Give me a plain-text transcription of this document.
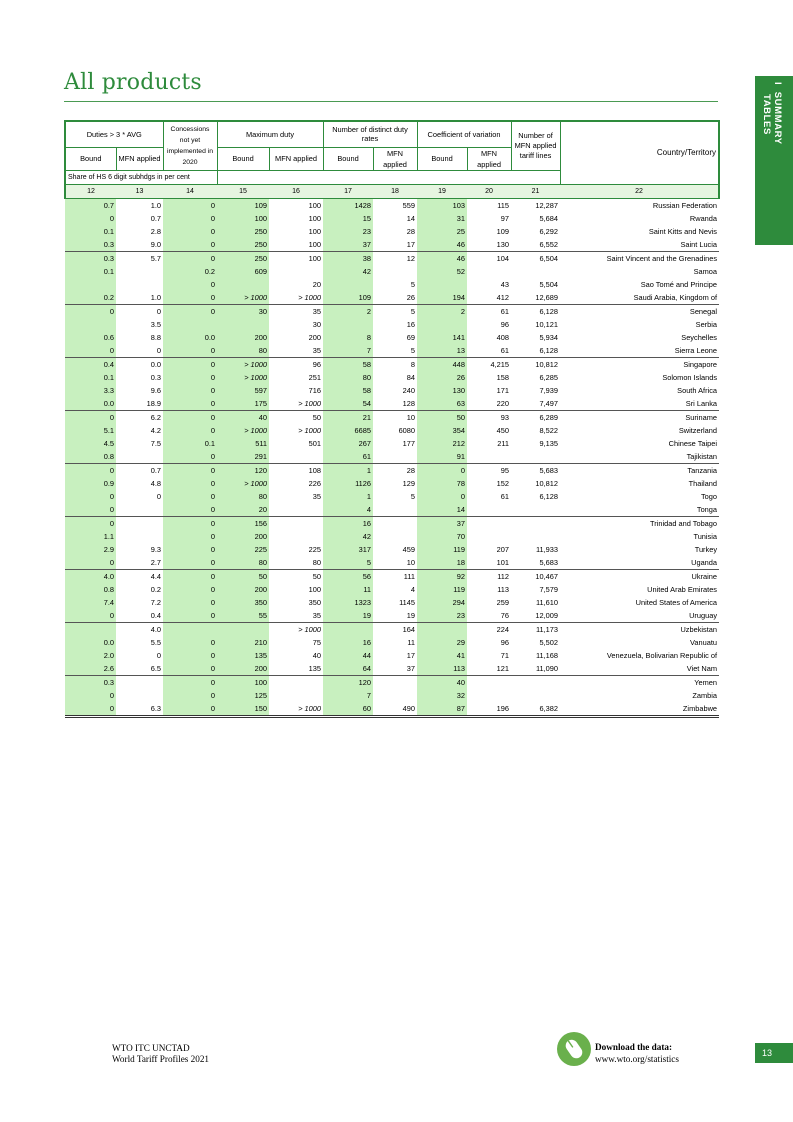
All products	I  SUMMARY
TABLES
Duties > 3 * AVG		Concessions not yet implemented in 2020	Maximum duty		Number of distinct duty rates		Coefficient of variation		Number of MFN applied tariff lines	Country/Territory
Bound	MFN applied		Bound	MFN applied	Bound	MFN applied	Bound	MFN applied		
Share of HS 6 digit subhdgs in per cent										
12	13	14	15	16	17	18	19	20	21	22
0.7	1.0	0	109	100	1428	559	103	115	12,287	Russian Federation
0	0.7	0	100	100	15	14	31	97	5,684	Rwanda
0.1	2.8	0	250	100	23	28	25	109	6,292	Saint Kitts and Nevis
0.3	9.0	0	250	100	37	17	46	130	6,552	Saint Lucia
0.3	5.7	0	250	100	38	12	46	104	6,504	Saint Vincent and the Grenadines
0.1		0.2	609		42		52			Samoa
		0		20		5		43	5,504	Sao Tomé and Principe
0.2	1.0	0	> 1000	> 1000	109	26	194	412	12,689	Saudi Arabia, Kingdom of
0	0	0	30	35	2	5	2	61	6,128	Senegal
	3.5			30		16		96	10,121	Serbia
0.6	8.8	0.0	200	200	8	69	141	408	5,934	Seychelles
0	0	0	80	35	7	5	13	61	6,128	Sierra Leone
0.4	0.0	0	> 1000	96	58	8	448	4,215	10,812	Singapore
0.1	0.3	0	> 1000	251	80	84	26	158	6,285	Solomon Islands
3.3	9.6	0	597	716	58	240	130	171	7,939	South Africa
0.0	18.9	0	175	> 1000	54	128	63	220	7,497	Sri Lanka
0	6.2	0	40	50	21	10	50	93	6,289	Suriname
5.1	4.2	0	> 1000	> 1000	6685	6080	354	450	8,522	Switzerland
4.5	7.5	0.1	511	501	267	177	212	211	9,135	Chinese Taipei
0.8		0	291		61		91			Tajikistan
0	0.7	0	120	108	1	28	0	95	5,683	Tanzania
0.9	4.8	0	> 1000	226	1126	129	78	152	10,812	Thailand
0	0	0	80	35	1	5	0	61	6,128	Togo
0		0	20		4		14			Tonga
0		0	156		16		37			Trinidad and Tobago
1.1		0	200		42		70			Tunisia
2.9	9.3	0	225	225	317	459	119	207	11,933	Turkey
0	2.7	0	80	80	5	10	18	101	5,683	Uganda
4.0	4.4	0	50	50	56	111	92	112	10,467	Ukraine
0.8	0.2	0	200	100	11	4	119	113	7,579	United Arab Emirates
7.4	7.2	0	350	350	1323	1145	294	259	11,610	United States of America
0	0.4	0	55	35	19	19	23	76	12,009	Uruguay
	4.0			> 1000		164		224	11,173	Uzbekistan
0.0	5.5	0	210	75	16	11	29	96	5,502	Vanuatu
2.0	0	0	135	40	44	17	41	71	11,168	Venezuela, Bolivarian Republic of
2.6	6.5	0	200	135	64	37	113	121	11,090	Viet Nam
0.3		0	100		120		40			Yemen
0		0	125		7		32			Zambia
0	6.3	0	150	> 1000	60	490	87	196	6,382	Zimbabwe
WTO ITC UNCTAD
World Tariff Profiles 2021
Download the data:
www.wto.org/statistics
13
